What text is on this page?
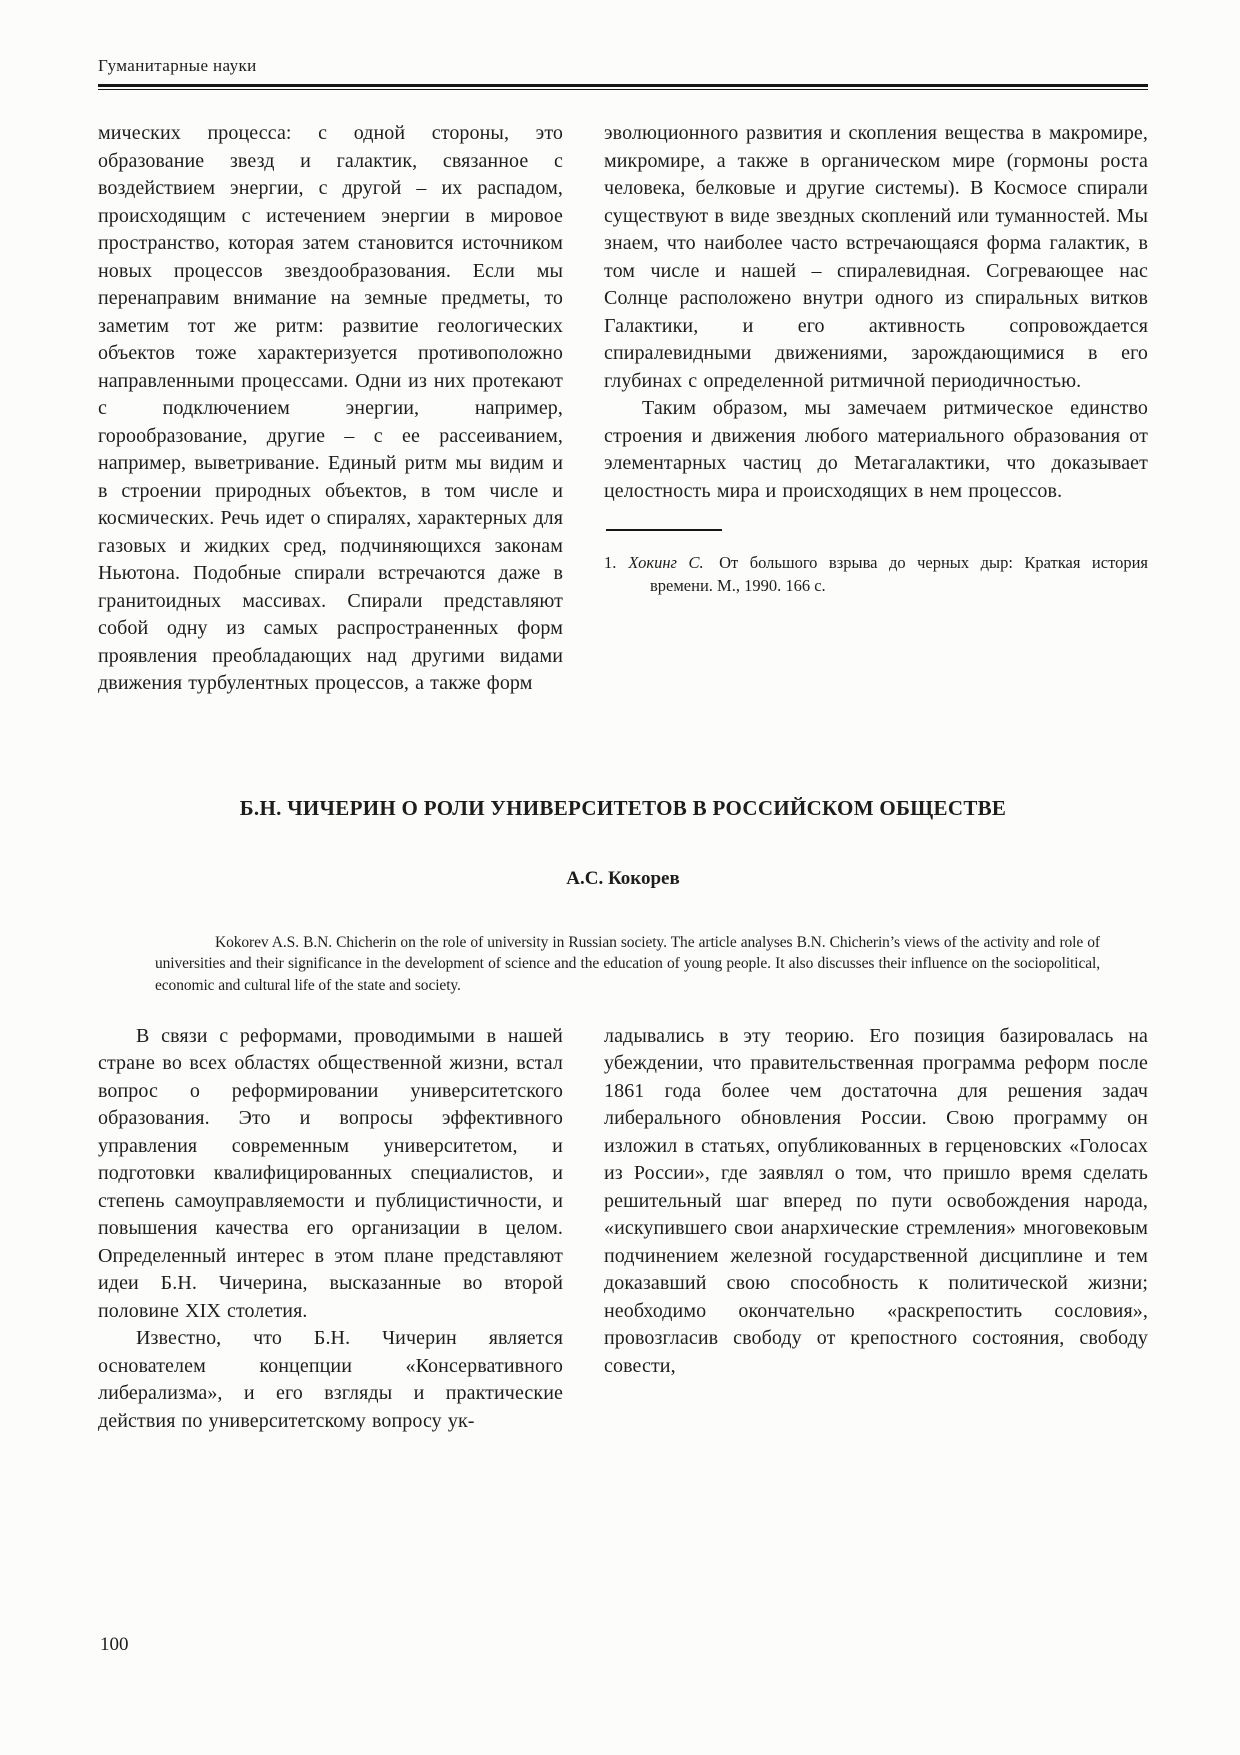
Гуманитарные науки

мических процесса: с одной стороны, это образование звезд и галактик, связанное с воздействием энергии, с другой – их распадом, происходящим с истечением энергии в мировое пространство, которая затем становится источником новых процессов звездообразования. Если мы перенаправим внимание на земные предметы, то заметим тот же ритм: развитие геологических объектов тоже характеризуется противоположно направленными процессами. Одни из них протекают с подключением энергии, например, горообразование, другие – с ее рассеиванием, например, выветривание. Единый ритм мы видим и в строении природных объектов, в том числе и космических. Речь идет о спиралях, характерных для газовых и жидких сред, подчиняющихся законам Ньютона. Подобные спирали встречаются даже в гранитоидных массивах. Спирали представляют собой одну из самых распространенных форм проявления преобладающих над другими видами движения турбулентных процессов, а также форм

эволюционного развития и скопления вещества в макромире, микромире, а также в органическом мире (гормоны роста человека, белковые и другие системы). В Космосе спирали существуют в виде звездных скоплений или туманностей. Мы знаем, что наиболее часто встречающаяся форма галактик, в том числе и нашей – спиралевидная. Согревающее нас Солнце расположено внутри одного из спиральных витков Галактики, и его активность сопровождается спиралевидными движениями, зарождающимися в его глубинах с определенной ритмичной периодичностью.

Таким образом, мы замечаем ритмическое единство строения и движения любого материального образования от элементарных частиц до Метагалактики, что доказывает целостность мира и происходящих в нем процессов.

1. Хокинг С. От большого взрыва до черных дыр: Краткая история времени. М., 1990. 166 с.
Б.Н. ЧИЧЕРИН О РОЛИ УНИВЕРСИТЕТОВ В РОССИЙСКОМ ОБЩЕСТВЕ
А.С. Кокорев
Kokorev A.S. B.N. Chicherin on the role of university in Russian society. The article analyses B.N. Chicherin’s views of the activity and role of universities and their significance in the development of science and the education of young people. It also discusses their influence on the sociopolitical, economic and cultural life of the state and society.

В связи с реформами, проводимыми в нашей стране во всех областях общественной жизни, встал вопрос о реформировании университетского образования. Это и вопросы эффективного управления современным университетом, и подготовки квалифицированных специалистов, и степень самоуправляемости и публицистичности, и повышения качества его организации в целом. Определенный интерес в этом плане представляют идеи Б.Н. Чичерина, высказанные во второй половине XIX столетия.

Известно, что Б.Н. Чичерин является основателем концепции «Консервативного либерализма», и его взгляды и практические действия по университетскому вопросу ук-

ладывались в эту теорию. Его позиция базировалась на убеждении, что правительственная программа реформ после 1861 года более чем достаточна для решения задач либерального обновления России. Свою программу он изложил в статьях, опубликованных в герценовских «Голосах из России», где заявлял о том, что пришло время сделать решительный шаг вперед по пути освобождения народа, «искупившего свои анархические стремления» многовековым подчинением железной государственной дисциплине и тем доказавший свою способность к политической жизни; необходимо окончательно «раскрепостить сословия», провозгласив свободу от крепостного состояния, свободу совести,

100
